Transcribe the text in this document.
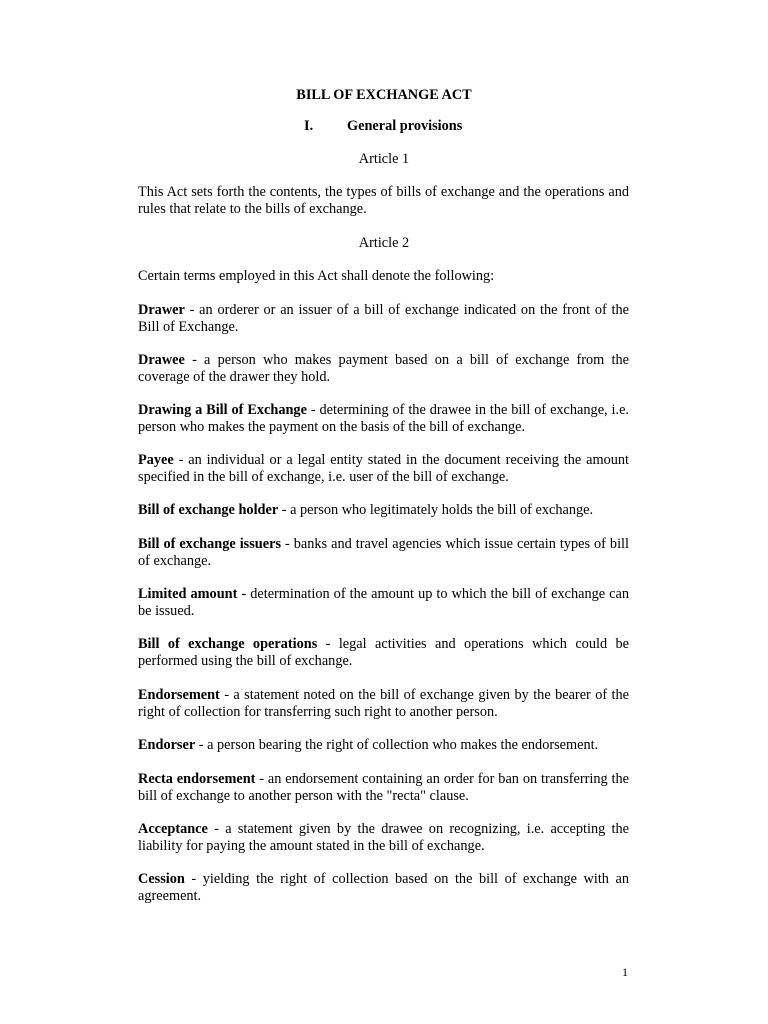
BILL OF EXCHANGE ACT
I. General provisions
Article 1
This Act sets forth the contents, the types of bills of exchange and the operations and rules that relate to the bills of exchange.
Article 2
Certain terms employed in this Act shall denote the following:
Drawer - an orderer or an issuer of a bill of exchange indicated on the front of the Bill of Exchange.
Drawee - a person who makes payment based on a bill of exchange from the coverage of the drawer they hold.
Drawing a Bill of Exchange - determining of the drawee in the bill of exchange, i.e. person who makes the payment on the basis of the bill of exchange.
Payee - an individual or a legal entity stated in the document receiving the amount specified in the bill of exchange, i.e. user of the bill of exchange.
Bill of exchange holder - a person who legitimately holds the bill of exchange.
Bill of exchange issuers - banks and travel agencies which issue certain types of bill of exchange.
Limited amount - determination of the amount up to which the bill of exchange can be issued.
Bill of exchange operations - legal activities and operations which could be performed using the bill of exchange.
Endorsement - a statement noted on the bill of exchange given by the bearer of the right of collection for transferring such right to another person.
Endorser - a person bearing the right of collection who makes the endorsement.
Recta endorsement - an endorsement containing an order for ban on transferring the bill of exchange to another person with the "recta" clause.
Acceptance - a statement given by the drawee on recognizing, i.e. accepting the liability for paying the amount stated in the bill of exchange.
Cession - yielding the right of collection based on the bill of exchange with an agreement.
1
